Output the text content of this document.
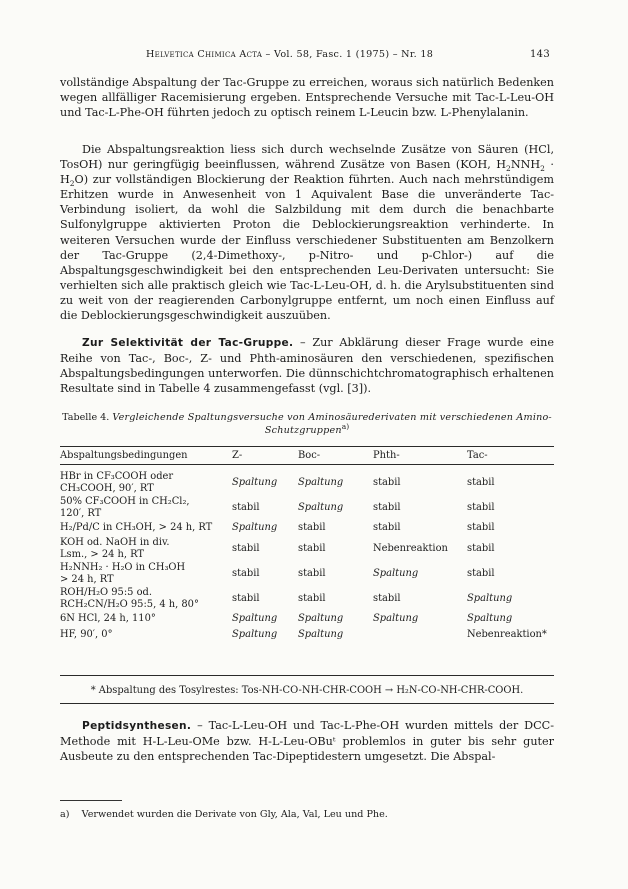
Helvetica Chimica Acta – Vol. 58, Fasc. 1 (1975) – Nr. 18	143

vollständige Abspaltung der Tac-Gruppe zu erreichen, woraus sich natürlich Bedenken wegen allfälliger Racemisierung ergeben. Entsprechende Versuche mit Tac-L-Leu-OH und Tac-L-Phe-OH führten jedoch zu optisch reinem L-Leucin bzw. L-Phenylalanin.

Die Abspaltungsreaktion liess sich durch wechselnde Zusätze von Säuren (HCl, TosOH) nur geringfügig beeinflussen, während Zusätze von Basen (KOH, $H_2NNH_2 \cdot H_2O$) zur vollständigen Blockierung der Reaktion führten. Auch nach mehrstündigem Erhitzen wurde in Anwesenheit von 1 Aquivalent Base die unveränderte Tac-Verbindung isoliert, da wohl die Salzbildung mit dem durch die benachbarte Sulfonylgruppe aktivierten Proton die Deblockierungsreaktion verhinderte. In weiteren Versuchen wurde der Einfluss verschiedener Substituenten am Benzolkern der Tac-Gruppe (2,4-Dimethoxy-, p-Nitro- und p-Chlor-) auf die Abspaltungsgeschwindigkeit bei den entsprechenden Leu-Derivaten untersucht: Sie verhielten sich alle praktisch gleich wie Tac-L-Leu-OH, d. h. die Arylsubstituenten sind zu weit von der reagierenden Carbonylgruppe entfernt, um noch einen Einfluss auf die Deblockierungsgeschwindigkeit auszuüben.

Zur Selektivität der Tac-Gruppe. – Zur Abklärung dieser Frage wurde eine Reihe von Tac-, Boc-, Z- und Phth-aminosäuren den verschiedenen, spezifischen Abspaltungsbedingungen unterworfen. Die dünnschichtchromatographisch erhaltenen Resultate sind in Tabelle 4 zusammengefasst (vgl. [3]).

Tabelle 4. Vergleichende Spaltungsversuche von Aminosäurederivaten mit verschiedenen Amino-Schutzgruppen$^{a)}$
Abspaltungsbedingungen	Z-	Boc-	Phth-	Tac-
HBr in CF₃COOH oder
CH₃COOH, 90′, RT	Spaltung	Spaltung	stabil	stabil
50% CF₃COOH in CH₂Cl₂,
120′, RT	stabil	Spaltung	stabil	stabil
H₂/Pd/C in CH₃OH, > 24 h, RT	Spaltung	stabil	stabil	stabil
KOH od. NaOH in div.
Lsm., > 24 h, RT	stabil	stabil	Nebenreaktion	stabil
H₂NNH₂ · H₂O in CH₃OH
> 24 h, RT	stabil	stabil	Spaltung	stabil
ROH/H₂O 95:5 od.
RCH₂CN/H₂O 95:5, 4 h, 80°	stabil	stabil	stabil	Spaltung
6N HCl, 24 h, 110°	Spaltung	Spaltung	Spaltung	Spaltung
HF, 90′, 0°	Spaltung	Spaltung		Nebenreaktion*
* Abspaltung des Tosylrestes: Tos-NH-CO-NH-CHR-COOH → H₂N-CO-NH-CHR-COOH.

Peptidsynthesen. – Tac-L-Leu-OH und Tac-L-Phe-OH wurden mittels der DCC-Methode mit H-L-Leu-OMe bzw. H-L-Leu-OBuᵗ problemlos in guter bis sehr guter Ausbeute zu den entsprechenden Tac-Dipeptidestern umgesetzt. Die Abspal-

a) Verwendet wurden die Derivate von Gly, Ala, Val, Leu und Phe.
